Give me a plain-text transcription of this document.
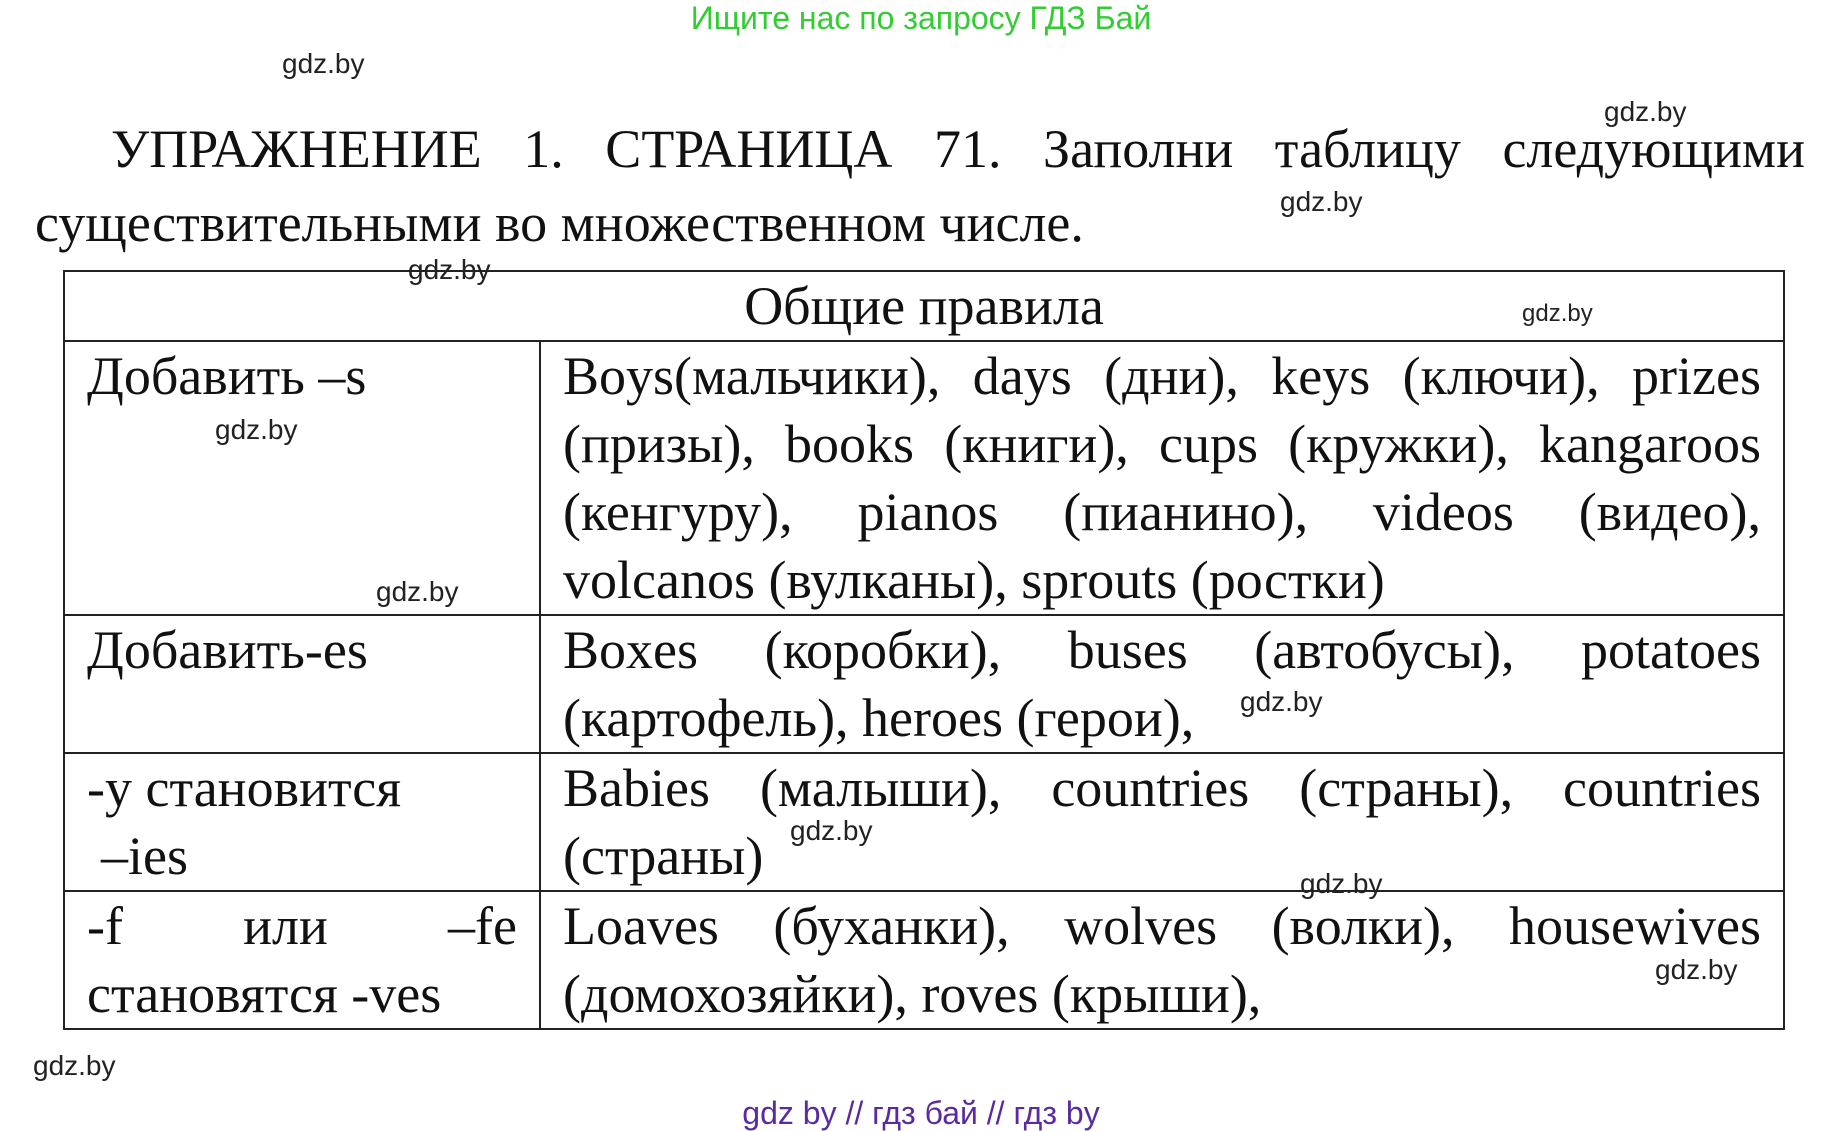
Ищите нас по запросу ГДЗ Бай
gdz.by
gdz.by
gdz.by
gdz.by
gdz.by
gdz.by
gdz.by
gdz.by
gdz.by
gdz.by
gdz.by
gdz.by
УПРАЖНЕНИЕ 1. СТРАНИЦА 71. Заполни таблицу следующими
существительными во множественном числе.
Общие правила	
Добавить –s	Boys(мальчики), days (дни), keys (ключи), prizes (призы), books (книги), cups (кружки), kangaroos (кенгуру), pianos (пианино), videos (видео), volcanos (вулканы), sprouts (ростки)
Добавить-es	Boxes (коробки), buses (автобусы), potatoes (картофель), heroes (герои),

-y становится
–ies	Babies (малыши), countries (страны), countries (страны)

-f или –fe
становятся -ves	Loaves (буханки), wolves (волки), housewives (домохозяйки), roves (крыши),
gdz by // гдз бай // гдз by
